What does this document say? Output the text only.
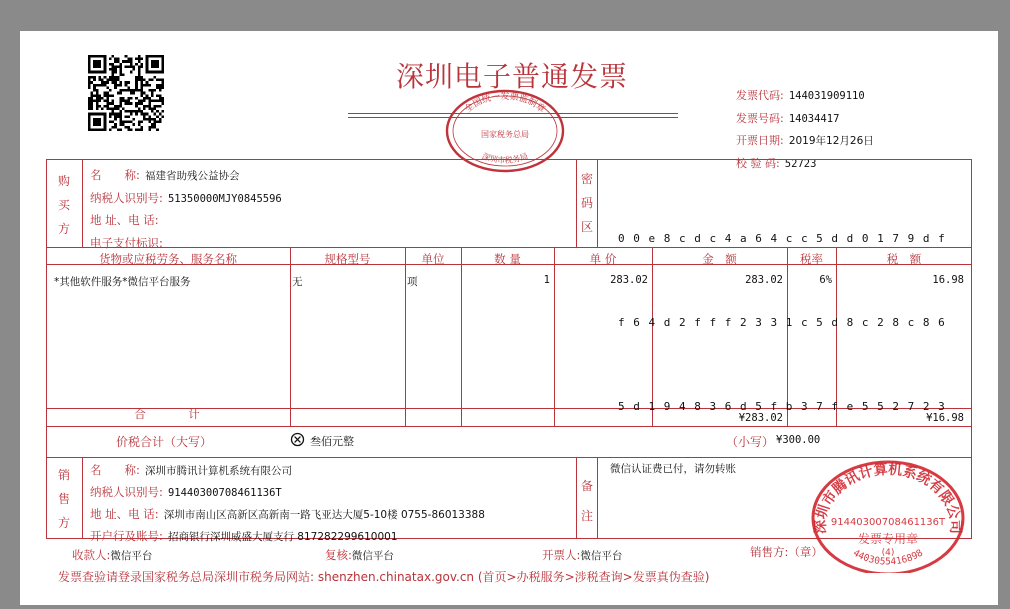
深圳电子普通发票
全国统一发票监制章
国家税务总局
深圳市税务局
发票代码: 144031909110
发票号码: 14034417
开票日期: 2019年12月26日
校 验 码: 52723
购
买
方
名　　称: 福建省助残公益协会
纳税人识别号: 51350000MJY0845596
地 址、电 话:
电子支付标识:
密
码
区

0 0 e 8 c d c 4 a 6 4 c c 5 d d 0 1 7 9 d f

f 6 4 d 2 f f f 2 3 3 1 c 5 d 8 c 2 8 c 8 6

5 d 1 9 4 8 3 6 d 5 f b 3 7 f e 5 5 2 7 2 3

货物或应税劳务、服务名称	规格型号	单位	数 量	单 价	金　额	税率	税　额
*其他软件服务*微信平台服务	无	项	1	283.02	283.02	6%	16.98
合　　　计	¥283.02	¥16.98
价税合计（大写）	叁佰元整	（小写） ¥300.00
销
售
方
名　　称: 深圳市腾讯计算机系统有限公司
纳税人识别号: 91440300708461136T
地 址、电 话: 深圳市南山区高新区高新南一路飞亚达大厦5-10楼 0755-86013388
开户行及账号: 招商银行深圳威盛大厦支行 817282299610001
备
注
微信认证费已付，请勿转账
深圳市腾讯计算机系统有限公司
91440300708461136T
发票专用章
(4)
4403055416898
收款人:微信平台	复核:微信平台	开票人:微信平台	销售方:（章）
发票查验请登录国家税务总局深圳市税务局网站: shenzhen.chinatax.gov.cn (首页>办税服务>涉税查询>发票真伪查验)
